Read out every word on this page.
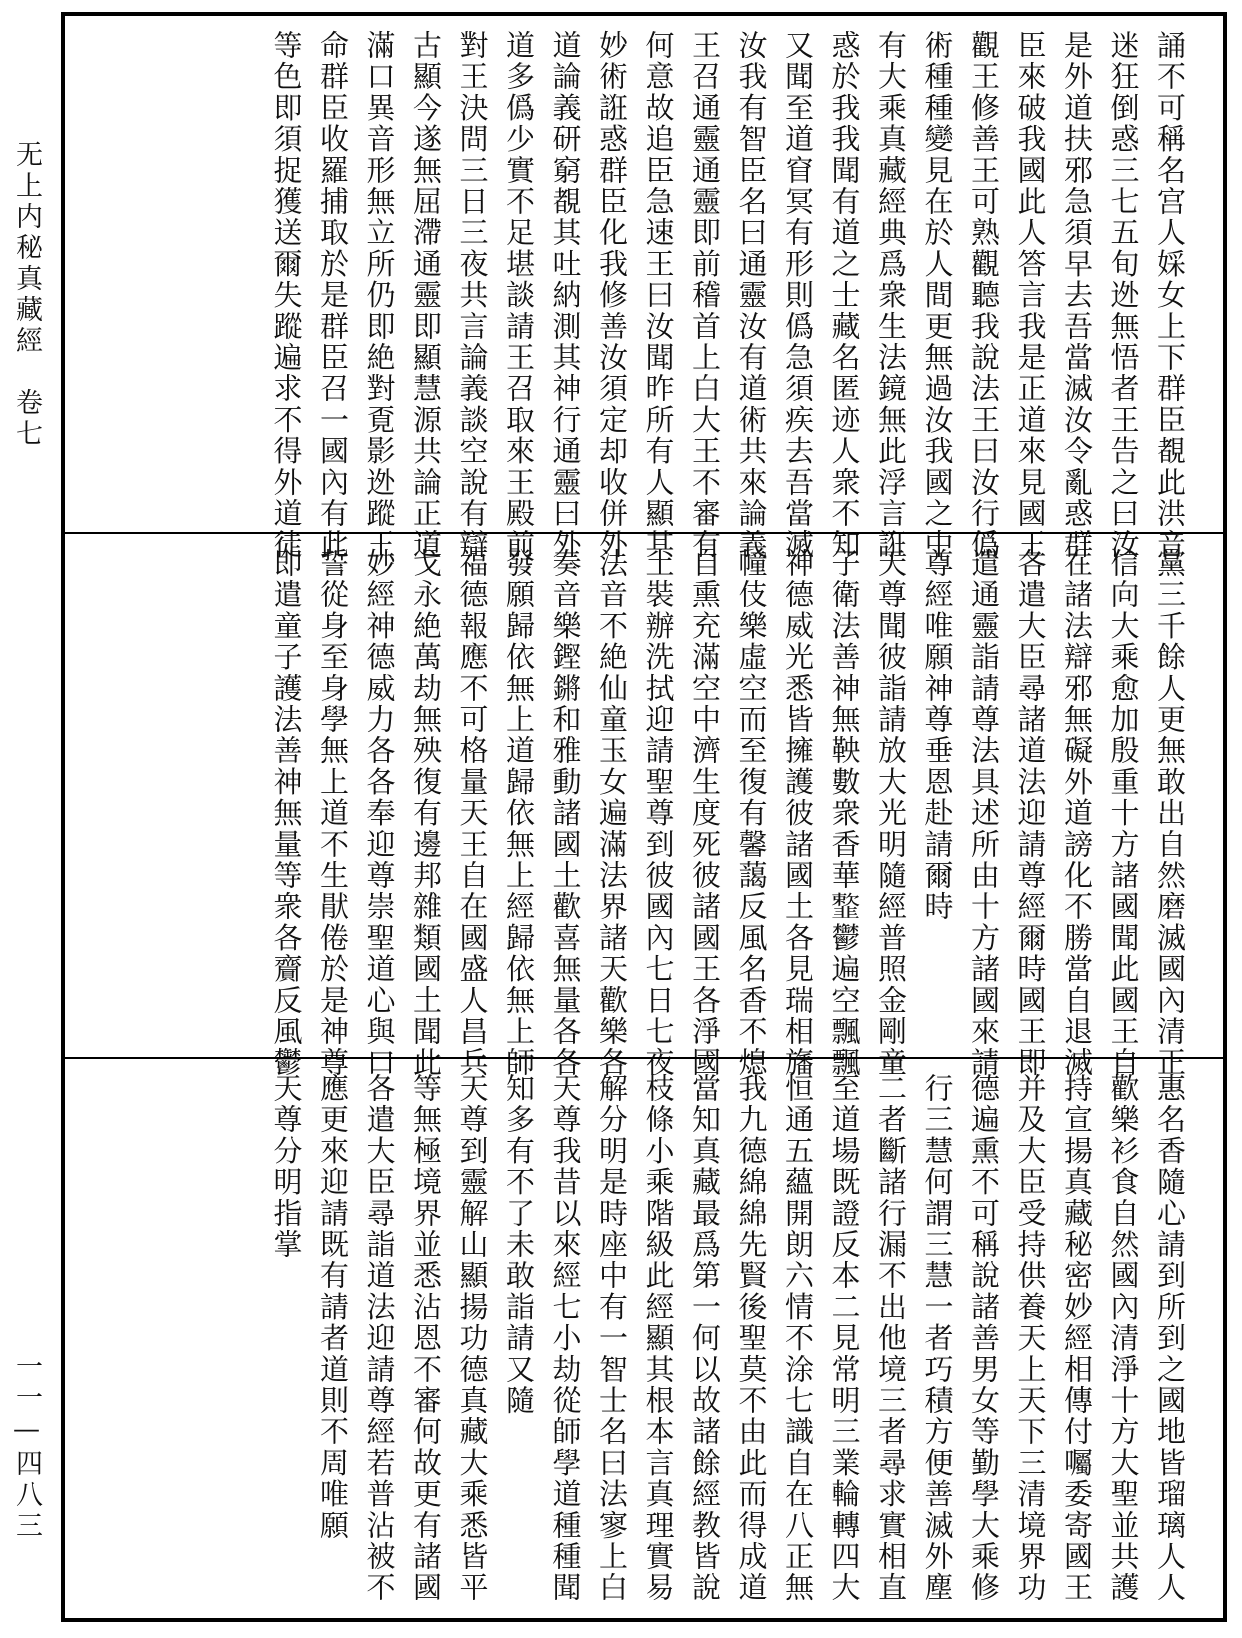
无上内秘真藏經　卷七
一一—四八三
誦不可稱名宫人婇女上下群臣覩此洪音
迷狂倒惑三七五旬迯無悟者王告之曰汝
是外道扶邪急須早去吾當滅汝令亂惑群
臣來破我國此人答言我是正道來見國王
觀王修善王可熟觀聽我說法王曰汝行僞
術種種變見在於人間更無過汝我國之中
有大乘真藏經典爲衆生法鏡無此浮言誑
惑於我我聞有道之士藏名匿迹人衆不知
又聞至道窅冥有形則僞急須疾去吾當滅
汝我有智臣名曰通靈汝有道術共來論義
王召通靈通靈即前稽首上白大王不審有
何意故追臣急速王曰汝聞昨所有人顯其
妙術誑惑群臣化我修善汝須定却收併外
道論義研窮覩其吐納測其神行通靈曰外
道多僞少實不足堪談請王召取來王殿前
對王決問三日三夜共言論義談空說有辯
古顯今遂無屈滯通靈即顯慧源共論正道
滿口異音形無立所仍即絶對覔影迯蹤王
命群臣收羅捕取於是群臣召一國內有此
等色即須捉獲送爾失蹤遍求不得外道徒
黨三千餘人更無敢出自然磨滅國內清正
信向大乘愈加殷重十方諸國聞此國王自
在諸法辯邪無礙外道謗化不勝當自退滅
各遣大臣尋諸道法迎請尊經爾時國王即
遣通靈詣請尊法具述所由十方諸國來請
尊經唯願神尊垂恩赴請爾時
天尊聞彼詣請放大光明隨經普照金剛童
子衛法善神無鞅數衆香華𩐋鬱遍空飄飄
神德威光悉皆擁護彼諸國土各見瑞相旛
幢伎樂虛空而至復有馨藹反風名香不熄
自熏充滿空中濟生度死彼諸國王各淨國
土裝辦洗拭迎請聖尊到彼國內七日七夜
法音不絶仙童玉女遍滿法界諸天歡樂各
奏音樂鏗鏘和雅動諸國土歡喜無量各各
發願歸依無上道歸依無上經歸依無上師
福德報應不可格量天王自在國盛人昌兵
戈永絶萬劫無殃復有邊邦雜類國土聞此
妙經神德威力各各奉迎尊崇聖道心與口
誓從身至身學無上道不生猒倦於是神尊
即遣童子護法善神無量等衆各齎反風鬱
惠名香隨心請到所到之國地皆瑠璃人人
歡樂衫食自然國內清淨十方大聖並共護
持宣揚真藏秘密妙經相傳付囑委寄國王
并及大臣受持供養天上天下三清境界功
德遍熏不可稱說諸善男女等勤學大乘修
行三慧何謂三慧一者巧積方便善滅外塵
二者斷諸行漏不出他境三者尋求實相直
至道場既證反本二見常明三業輪轉四大
恒通五蘊開朗六情不涂七識自在八正無
我九德綿綿先賢後聖莫不由此而得成道
當知真藏最爲第一何以故諸餘經教皆說
枝條小乘階級此經顯其根本言真理實易
解分明是時座中有一智士名曰法寥上白
天尊我昔以來經七小劫從師學道種種聞
知多有不了未敢詣請又隨
天尊到靈解山顯揚功德真藏大乘悉皆平
等無極境界並悉沾恩不審何故更有諸國
各遣大臣尋詣道法迎請尊經若普沾被不
應更來迎請既有請者道則不周唯願
天尊分明指掌
